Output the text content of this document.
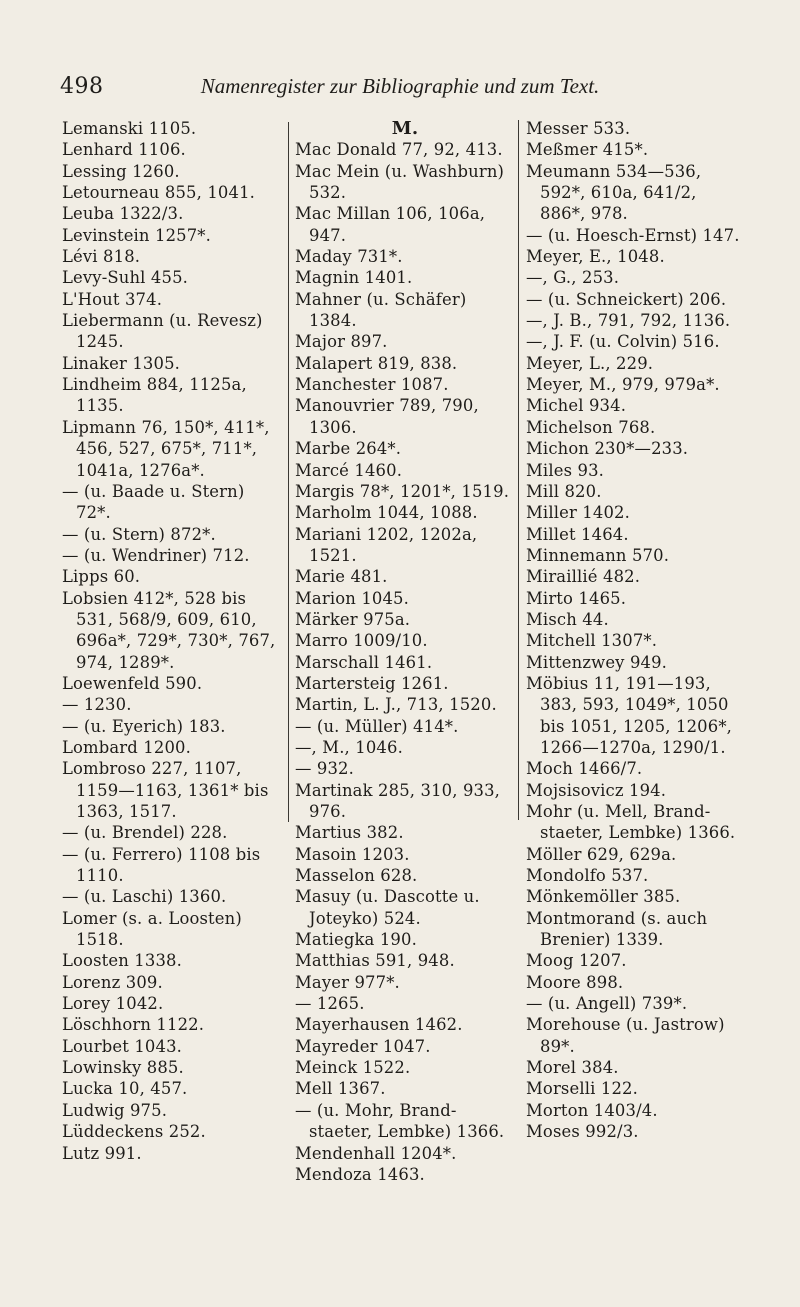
498	Namenregister zur Bibliographie und zum Text.
Lemanski 1105.
Lenhard 1106.
Lessing 1260.
Letourneau 855, 1041.
Leuba 1322/3.
Levinstein 1257*.
Lévi 818.
Levy-Suhl 455.
L'Hout 374.
Liebermann (u. Revesz) 1245.
Linaker 1305.
Lindheim 884, 1125a, 1135.
Lipmann 76, 150*, 411*, 456, 527, 675*, 711*, 1041a, 1276a*.
— (u. Baade u. Stern) 72*.
— (u. Stern) 872*.
— (u. Wendriner) 712.
Lipps 60.
Lobsien 412*, 528 bis 531, 568/9, 609, 610, 696a*, 729*, 730*, 767, 974, 1289*.
Loewenfeld 590.
— 1230.
— (u. Eyerich) 183.
Lombard 1200.
Lombroso 227, 1107, 1159—1163, 1361* bis 1363, 1517.
— (u. Brendel) 228.
— (u. Ferrero) 1108 bis 1110.
— (u. Laschi) 1360.
Lomer (s. a. Loosten) 1518.
Loosten 1338.
Lorenz 309.
Lorey 1042.
Löschhorn 1122.
Lourbet 1043.
Lowinsky 885.
Lucka 10, 457.
Ludwig 975.
Lüddeckens 252.
Lutz 991.
M.
Mac Donald 77, 92, 413.
Mac Mein (u. Washburn) 532.
Mac Millan 106, 106a, 947.
Maday 731*.
Magnin 1401.
Mahner (u. Schäfer) 1384.
Major 897.
Malapert 819, 838.
Manchester 1087.
Manouvrier 789, 790, 1306.
Marbe 264*.
Marcé 1460.
Margis 78*, 1201*, 1519.
Marholm 1044, 1088.
Mariani 1202, 1202a, 1521.
Marie 481.
Marion 1045.
Märker 975a.
Marro 1009/10.
Marschall 1461.
Martersteig 1261.
Martin, L. J., 713, 1520.
— (u. Müller) 414*.
—, M., 1046.
— 932.
Martinak 285, 310, 933, 976.
Martius 382.
Masoin 1203.
Masselon 628.
Masuy (u. Dascotte u. Joteyko) 524.
Matiegka 190.
Matthias 591, 948.
Mayer 977*.
— 1265.
Mayerhausen 1462.
Mayreder 1047.
Meinck 1522.
Mell 1367.
— (u. Mohr, Brand-staeter, Lembke) 1366.
Mendenhall 1204*.
Mendoza 1463.
Messer 533.
Meßmer 415*.
Meumann 534—536, 592*, 610a, 641/2, 886*, 978.
— (u. Hoesch-Ernst) 147.
Meyer, E., 1048.
—, G., 253.
— (u. Schneickert) 206.
—, J. B., 791, 792, 1136.
—, J. F. (u. Colvin) 516.
Meyer, L., 229.
Meyer, M., 979, 979a*.
Michel 934.
Michelson 768.
Michon 230*—233.
Miles 93.
Mill 820.
Miller 1402.
Millet 1464.
Minnemann 570.
Miraillié 482.
Mirto 1465.
Misch 44.
Mitchell 1307*.
Mittenzwey 949.
Möbius 11, 191—193, 383, 593, 1049*, 1050 bis 1051, 1205, 1206*, 1266—1270a, 1290/1.
Moch 1466/7.
Mojsisovicz 194.
Mohr (u. Mell, Brand-staeter, Lembke) 1366.
Möller 629, 629a.
Mondolfo 537.
Mönkemöller 385.
Montmorand (s. auch Brenier) 1339.
Moog 1207.
Moore 898.
— (u. Angell) 739*.
Morehouse (u. Jastrow) 89*.
Morel 384.
Morselli 122.
Morton 1403/4.
Moses 992/3.
